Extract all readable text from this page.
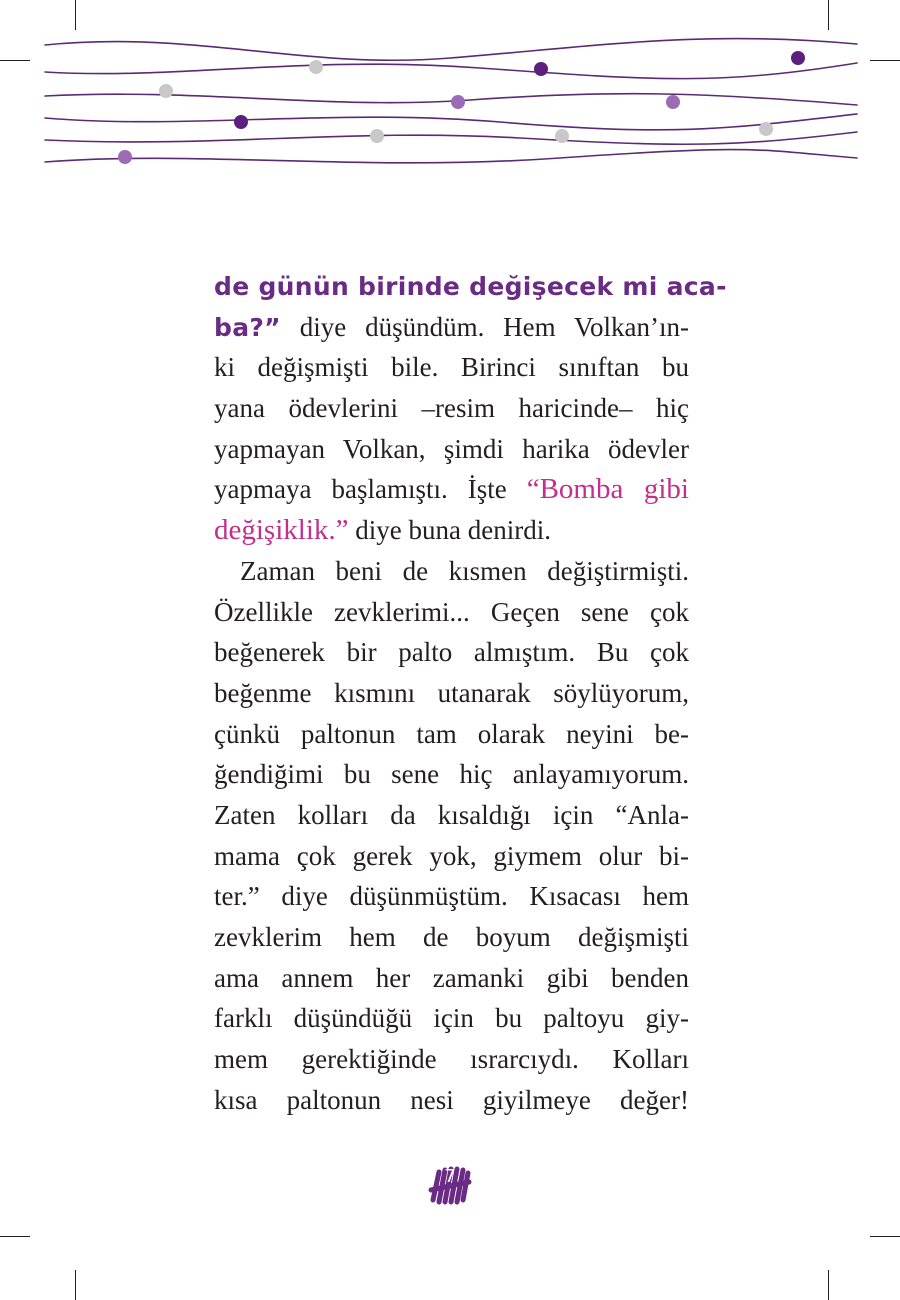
de günün birinde değişecek mi aca-
ba?” diye düşündüm. Hem Volkan’ın-
ki değişmişti bile. Birinci sınıftan bu
yana ödevlerini –resim haricinde– hiç
yapmayan Volkan, şimdi harika ödevler
yapmaya başlamıştı. İşte “Bomba gibi
değişiklik.” diye buna denirdi.
Zaman beni de kısmen değiştirmişti.
Özellikle zevklerimi... Geçen sene çok
beğenerek bir palto almıştım. Bu çok
beğenme kısmını utanarak söylüyorum,
çünkü paltonun tam olarak neyini be-
ğendiğimi bu sene hiç anlayamıyorum.
Zaten kolları da kısaldığı için “Anla-
mama çok gerek yok, giymem olur bi-
ter.” diye düşünmüştüm. Kısacası hem
zevklerim hem de boyum değişmişti
ama annem her zamanki gibi benden
farklı düşündüğü için bu paltoyu giy-
mem gerektiğinde ısrarcıydı. Kolları
kısa paltonun nesi giyilmeye değer!
7
